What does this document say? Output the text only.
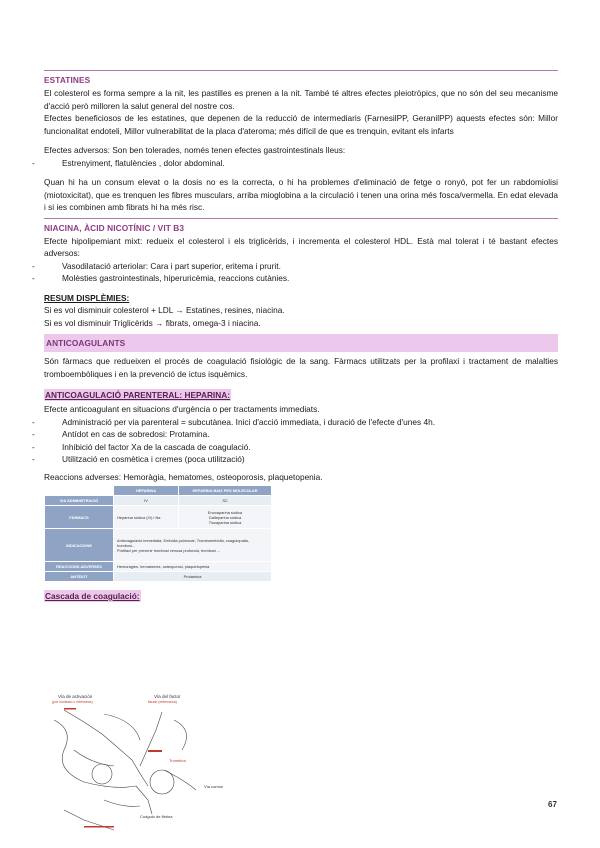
ESTATINES

El colesterol es forma sempre a la nit, les pastilles es prenen a la nit. També té altres efectes pleiotròpics, que no són del seu mecanisme d'acció però milloren la salut general del nostre cos.

Efectes beneficiosos de les estatines, que depenen de la reducció de intermediaris (FarnesilPP, GeranilPP) aquests efectes són: Millor funcionalitat endoteli, Millor vulnerabilitat de la placa d'ateroma; més difícil de que es trenquin, evitant els infarts

Efectes adversos: Son ben tolerades, només tenen efectes gastrointestinals lleus:

-	Estrenyiment, flatulències , dolor abdominal.

Quan hi ha un consum elevat o la dosis no es la correcta, o hi ha problemes d'eliminació de fetge o ronyó, pot fer un rabdomiolisi (miotoxicitat), que es trenquen les fibres musculars, arriba mioglobina a la circulació i tenen una orina més fosca/vermella. En edat elevada i si ies combinen amb fibrats hi ha més risc.

NIACINA, ÀCID NICOTÍNIC / VIT B3

Efecte hipolipemiant mixt: redueix el colesterol i els triglicèrids, i incrementa el colesterol HDL. Està mal tolerat i té bastant efectes adversos:

-	Vasodilatació arteriolar: Cara i part superior, eritema i prurit.
-	Molèsties gastrointestinals, hiperuricèmia, reaccions cutànies.

RESUM DISPLÈMIES:

Si es vol disminuir colesterol + LDL → Estatines, resines, niacina.

Si es vol disminuir Triglicèrids → fibrats, omega-3 i niacina.

ANTICOAGULANTS

Són fàrmacs que redueixen el procés de coagulació fisiològic de la sang. Fàrmacs utilitzats per la profilaxi i tractament de malalties tromboembòliques i en la prevenció de ictus isquèmics.

ANTICOAGULACIÓ PARENTERAL: HEPARINA:

Efecte anticoagulant en situacions d'urgència o per tractaments immediats.

-	Administració per via parenteral = subcutànea. Inici d'acció immediata, i duració de l'efecte d'unes 4h.
-	Antídot en cas de sobredosi: Protamina.
-	Inhibició del factor Xa de la cascada de coagulació.
-	Utilització en cosmètica i cremes (poca utilització)

Reaccions adverses: Hemoràgia, hematomes, osteoporosis, plaquetopenia.

	HEPARINA	HEPARINA BAIX PES MOLECULAR
VIA ADMINISTRACIÓ	IV	SC
FÀRMACS	Heparina sòdica (IV) i Na	Enoxaparina sòdica
Dalteparina sòdica
Tinzaparina sòdica
INDICACIONS	Anticoagulació immediata, Embòlia pulmonar, Tromboembòlia, coagulopatia, trombosi...
Profilaxi per prevenir trombosi venosa profunda, trombosi ...	
REACCIONS ADVERSES	Hemoràgies, hematomes, osteoporosi, plaquetopènia	
ANTÍDOT	Protamina	
Cascada de coagulació:
Vía de activación
(por contacto o intrínseca)
Vía del factor
tisular (extrínseca)
Trombina
Vía común
Coágulo de fibrina
67
